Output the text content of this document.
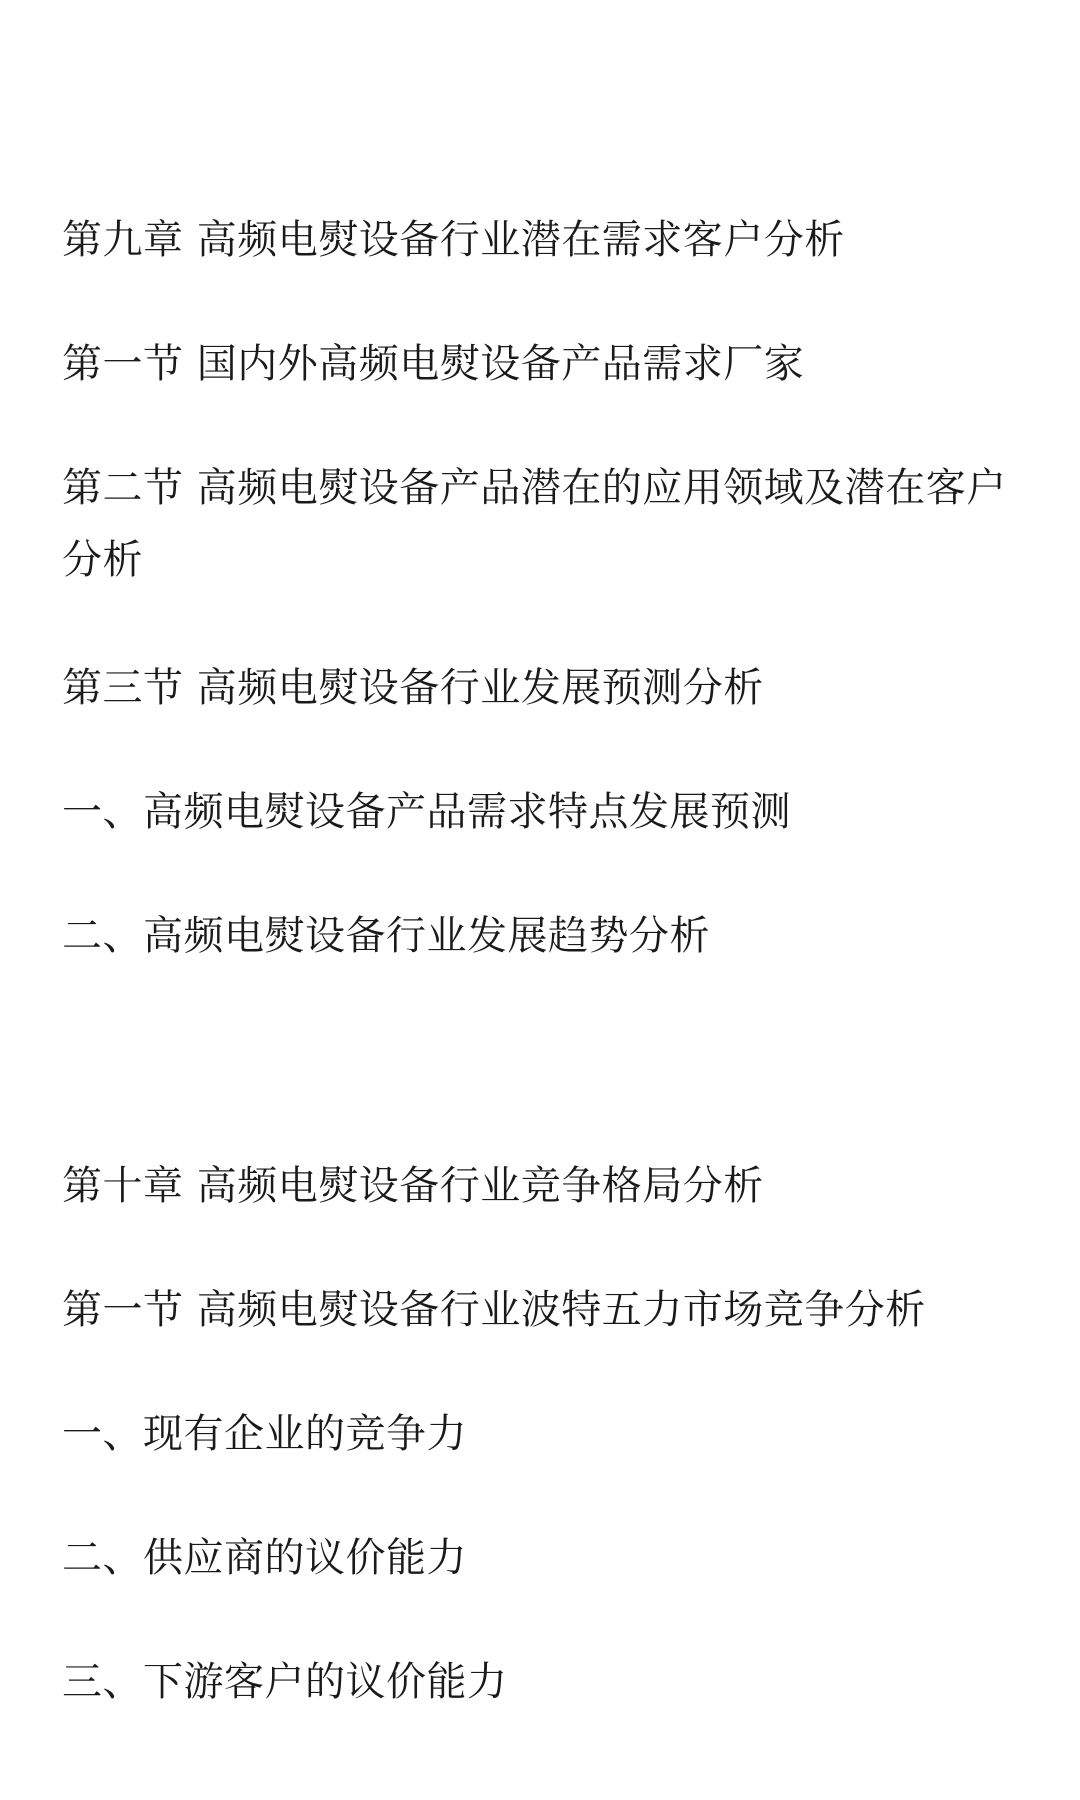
第九章 高频电熨设备行业潜在需求客户分析
第一节 国内外高频电熨设备产品需求厂家
第二节 高频电熨设备产品潜在的应用领域及潜在客户分析
第三节 高频电熨设备行业发展预测分析
一、高频电熨设备产品需求特点发展预测
二、高频电熨设备行业发展趋势分析
第十章 高频电熨设备行业竞争格局分析
第一节 高频电熨设备行业波特五力市场竞争分析
一、现有企业的竞争力
二、供应商的议价能力
三、下游客户的议价能力
